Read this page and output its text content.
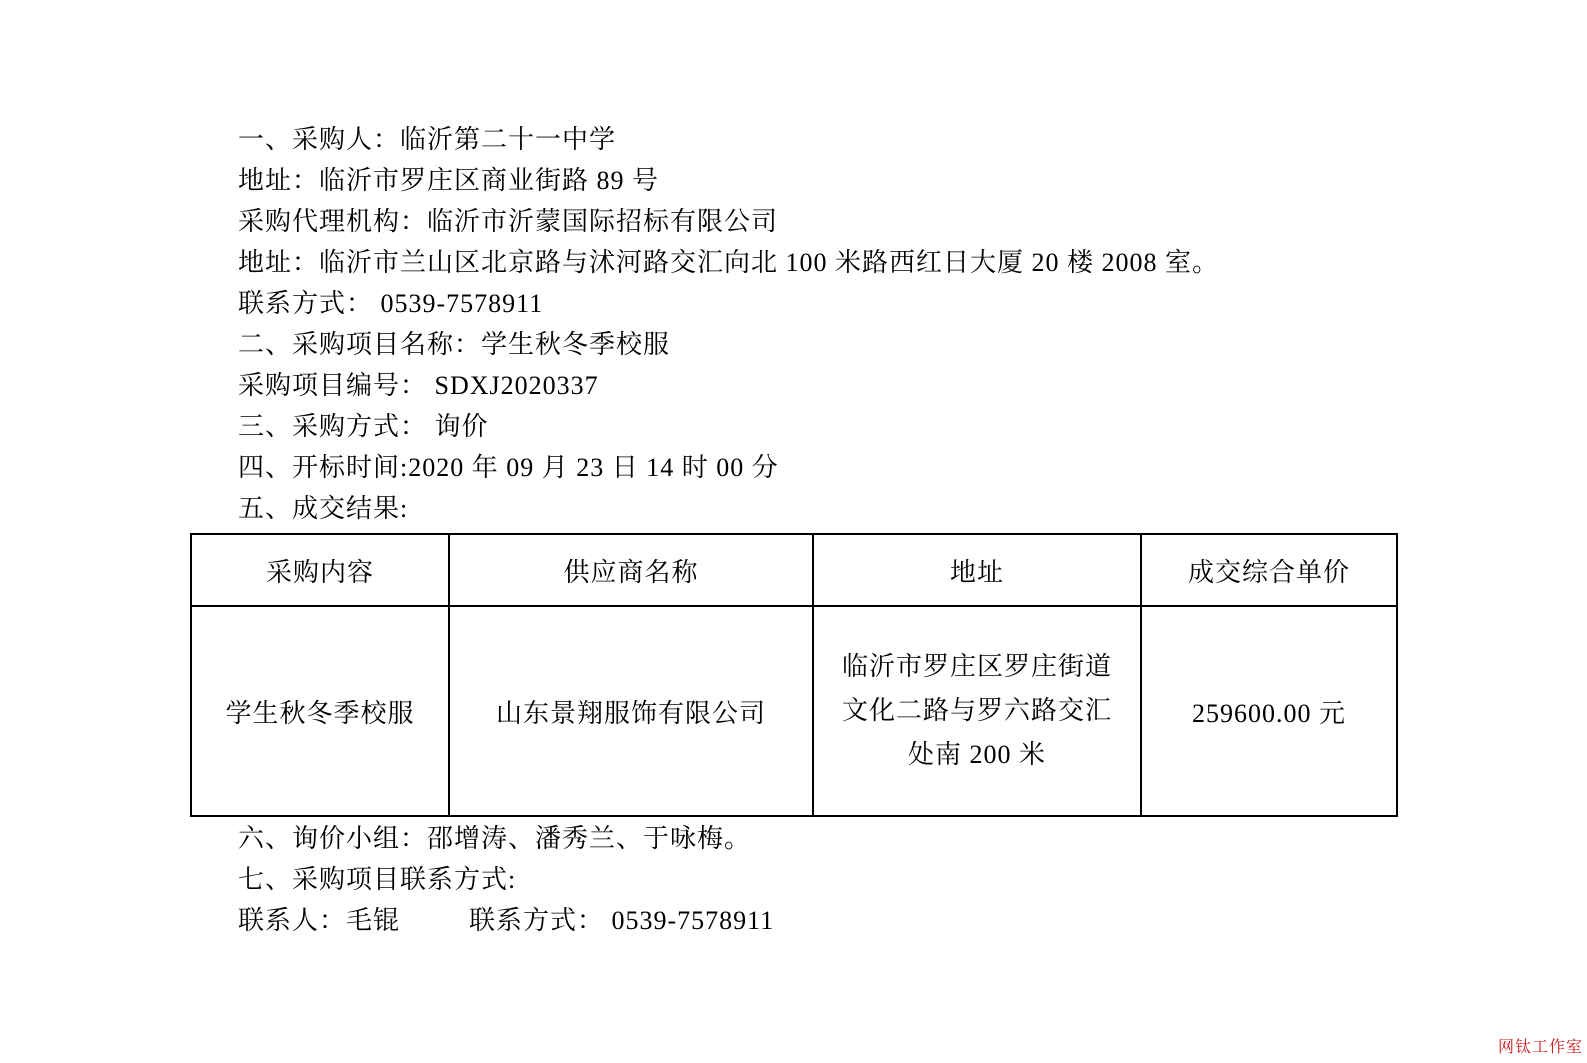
一、采购人：临沂第二十一中学

地址：临沂市罗庄区商业街路 89 号

采购代理机构：临沂市沂蒙国际招标有限公司

地址：临沂市兰山区北京路与沭河路交汇向北 100 米路西红日大厦 20 楼 2008 室。

联系方式： 0539-7578911

二、采购项目名称：学生秋冬季校服

采购项目编号： SDXJ2020337

三、采购方式： 询价

四、开标时间:2020 年 09 月 23 日 14 时 00 分

五、成交结果:

采购内容	供应商名称	地址	成交综合单价
学生秋冬季校服	山东景翔服饰有限公司	临沂市罗庄区罗庄街道
文化二路与罗六路交汇
处南 200 米	259600.00 元

六、询价小组：邵增涛、潘秀兰、于咏梅。

七、采购项目联系方式:

联系人：毛锟	联系方式： 0539-7578911

网钛工作室
